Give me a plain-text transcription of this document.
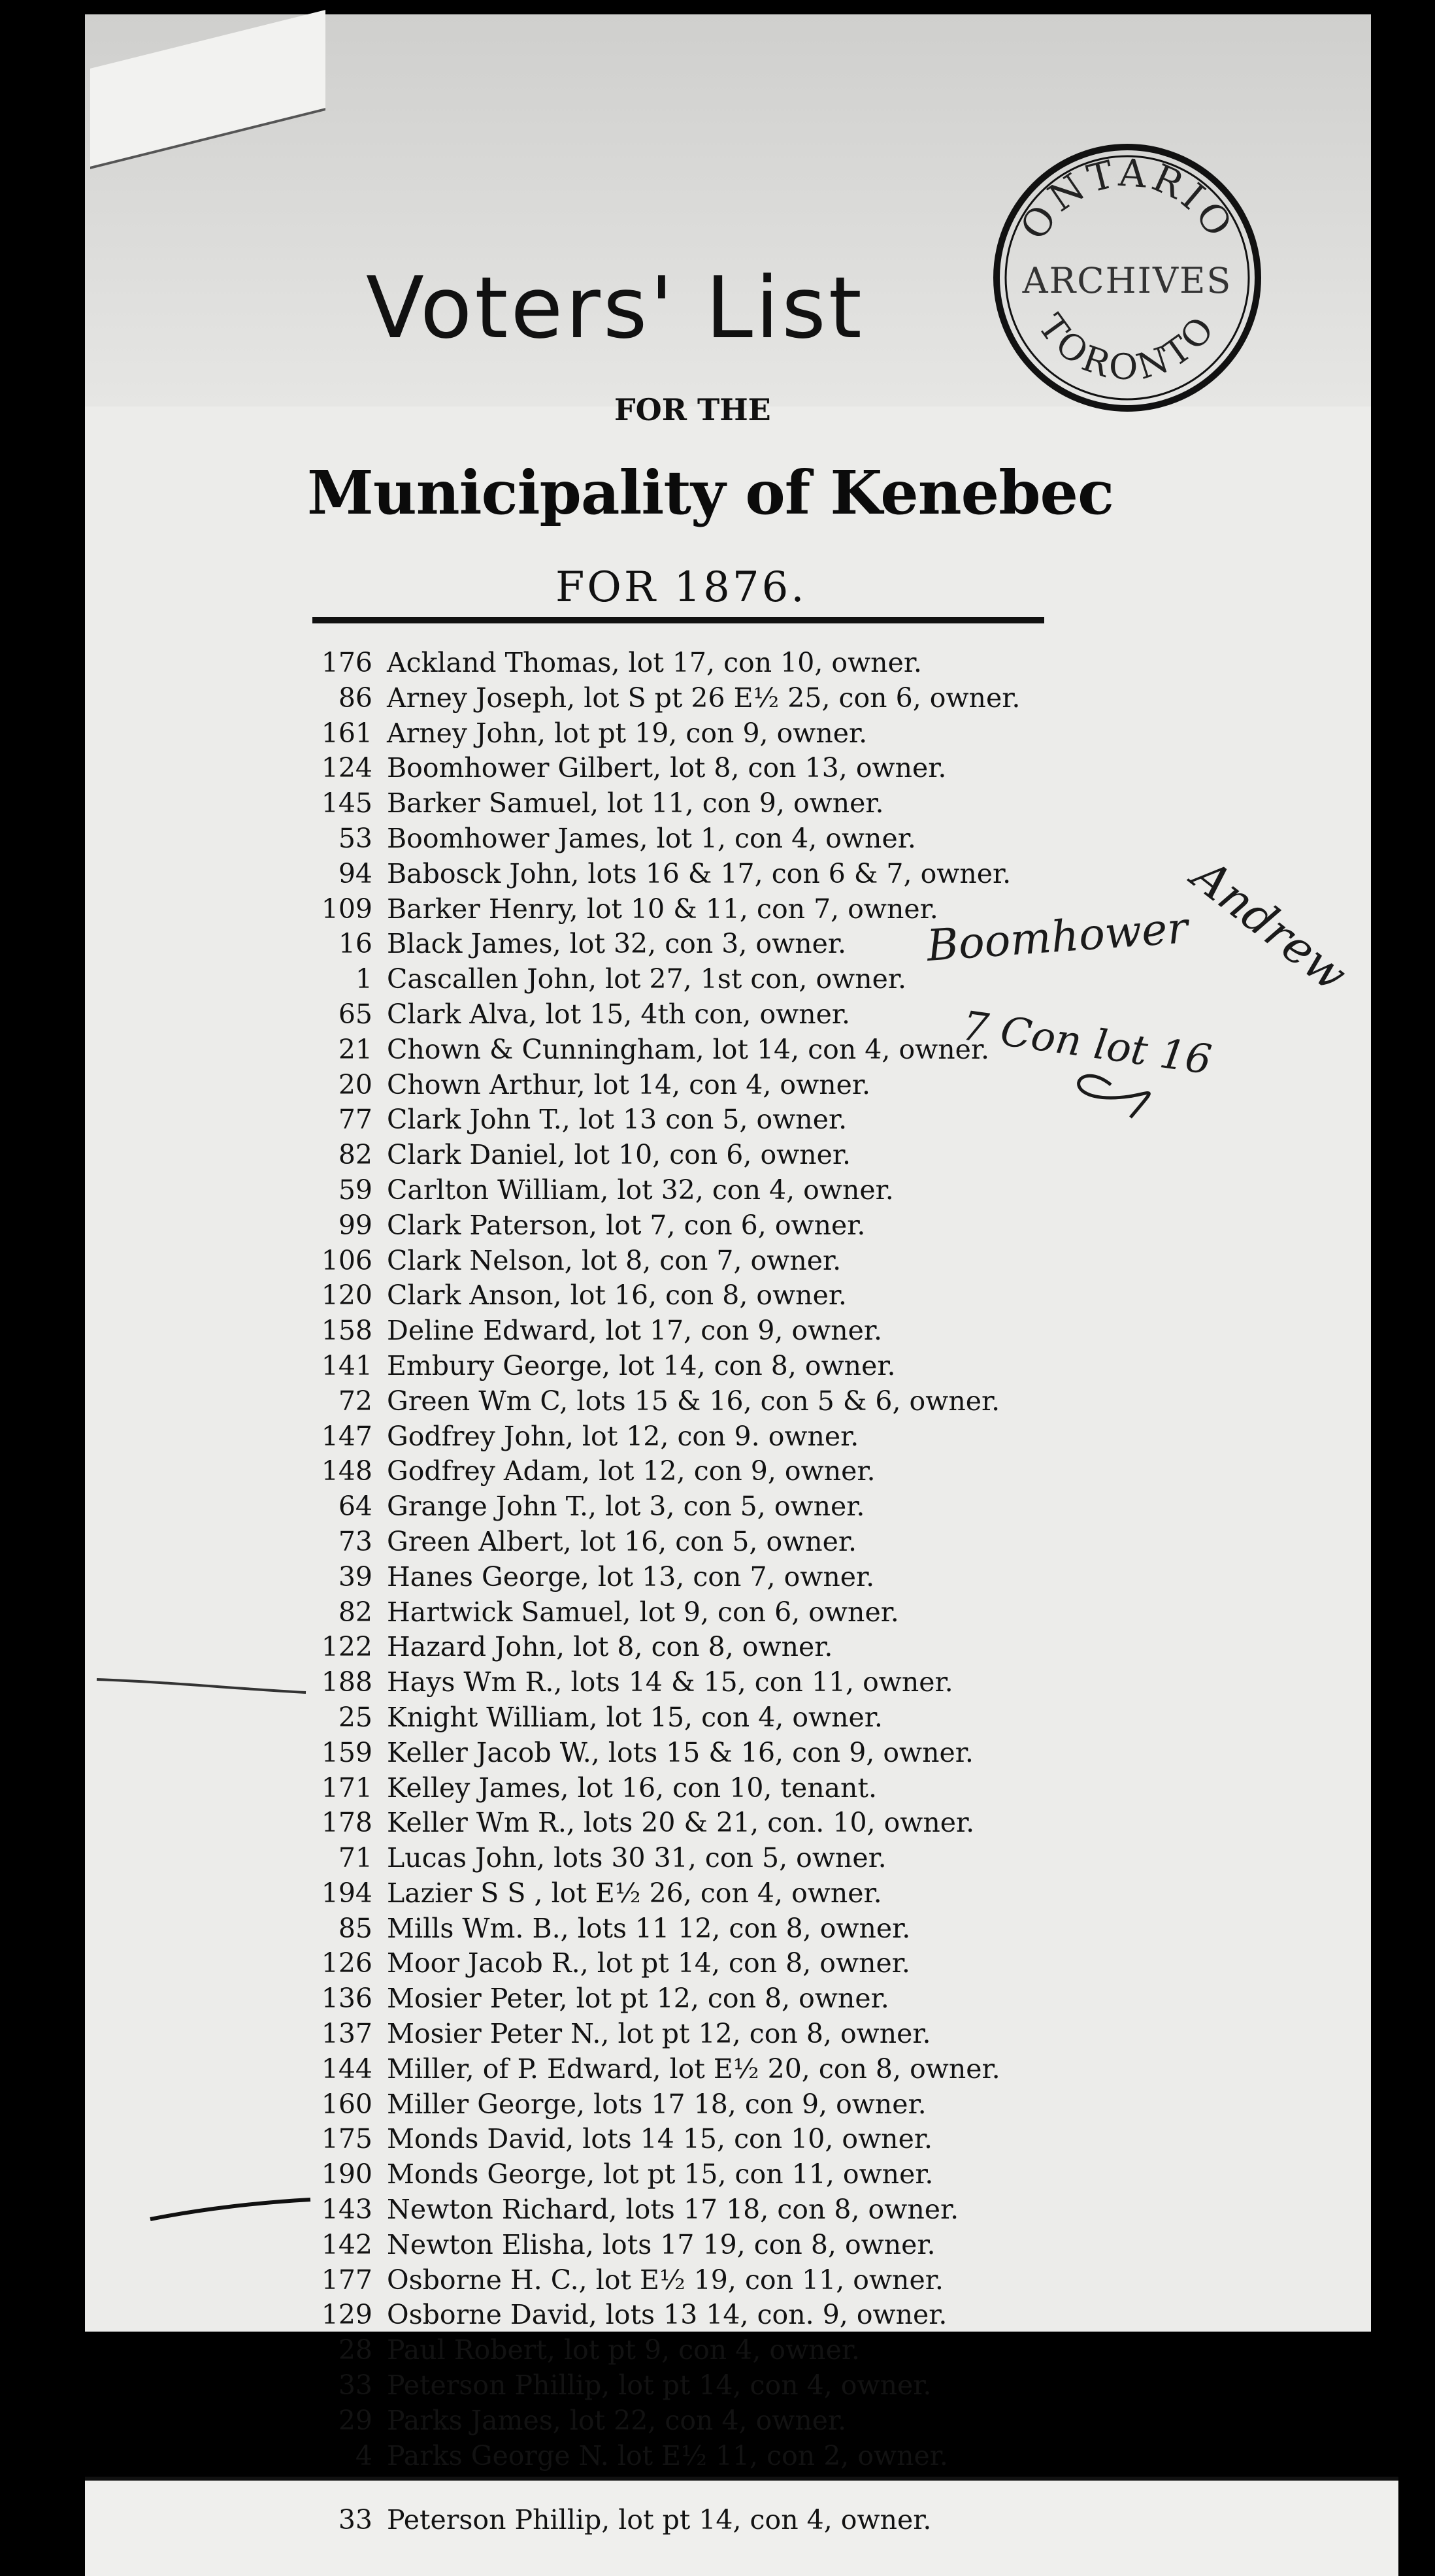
Voters' List
FOR THE
Municipality of Kenebec
FOR 1876.
ONTARIO
ARCHIVES
TORONTO
176 Ackland Thomas, lot 17, con 10, owner.
86 Arney Joseph, lot S pt 26 E½ 25, con 6, owner.
161 Arney John, lot pt 19, con 9, owner.
124 Boomhower Gilbert, lot 8, con 13, owner.
145 Barker Samuel, lot 11, con 9, owner.
53 Boomhower James, lot 1, con 4, owner.
94 Babosck John, lots 16 & 17, con 6 & 7, owner.
109 Barker Henry, lot 10 & 11, con 7, owner.
16 Black James, lot 32, con 3, owner.
1 Cascallen John, lot 27, 1st con, owner.
65 Clark Alva, lot 15, 4th con, owner.
21 Chown & Cunningham, lot 14, con 4, owner.
20 Chown Arthur, lot 14, con 4, owner.
77 Clark John T., lot 13 con 5, owner.
82 Clark Daniel, lot 10, con 6, owner.
59 Carlton William, lot 32, con 4, owner.
99 Clark Paterson, lot 7, con 6, owner.
106 Clark Nelson, lot 8, con 7, owner.
120 Clark Anson, lot 16, con 8, owner.
158 Deline Edward, lot 17, con 9, owner.
141 Embury George, lot 14, con 8, owner.
72 Green Wm C, lots 15 & 16, con 5 & 6, owner.
147 Godfrey John, lot 12, con 9. owner.
148 Godfrey Adam, lot 12, con 9, owner.
64 Grange John T., lot 3, con 5, owner.
73 Green Albert, lot 16, con 5, owner.
39 Hanes George, lot 13, con 7, owner.
82 Hartwick Samuel, lot 9, con 6, owner.
122 Hazard John, lot 8, con 8, owner.
188 Hays Wm R., lots 14 & 15, con 11, owner.
25 Knight William, lot 15, con 4, owner.
159 Keller Jacob W., lots 15 & 16, con 9, owner.
171 Kelley James, lot 16, con 10, tenant.
178 Keller Wm R., lots 20 & 21, con. 10, owner.
71 Lucas John, lots 30 31, con 5, owner.
194 Lazier S S , lot E½ 26, con 4, owner.
85 Mills Wm. B., lots 11 12, con 8, owner.
126 Moor Jacob R., lot pt 14, con 8, owner.
136 Mosier Peter, lot pt 12, con 8, owner.
137 Mosier Peter N., lot pt 12, con 8, owner.
144 Miller, of P. Edward, lot E½ 20, con 8, owner.
160 Miller George, lots 17 18, con 9, owner.
175 Monds David, lots 14 15, con 10, owner.
190 Monds George, lot pt 15, con 11, owner.
143 Newton Richard, lots 17 18, con 8, owner.
142 Newton Elisha, lots 17 19, con 8, owner.
177 Osborne H. C., lot E½ 19, con 11, owner.
129 Osborne David, lots 13 14, con. 9, owner.
28 Paul Robert, lot pt 9, con 4, owner.
33 Peterson Phillip, lot pt 14, con 4, owner.
29 Parks James, lot 22, con 4, owner.
4 Parks George N. lot E½ 11, con 2, owner.
Andrew
Boomhower
7 Con lot 16
33 Peterson Phillip, lot pt 14, con 4, owner.
